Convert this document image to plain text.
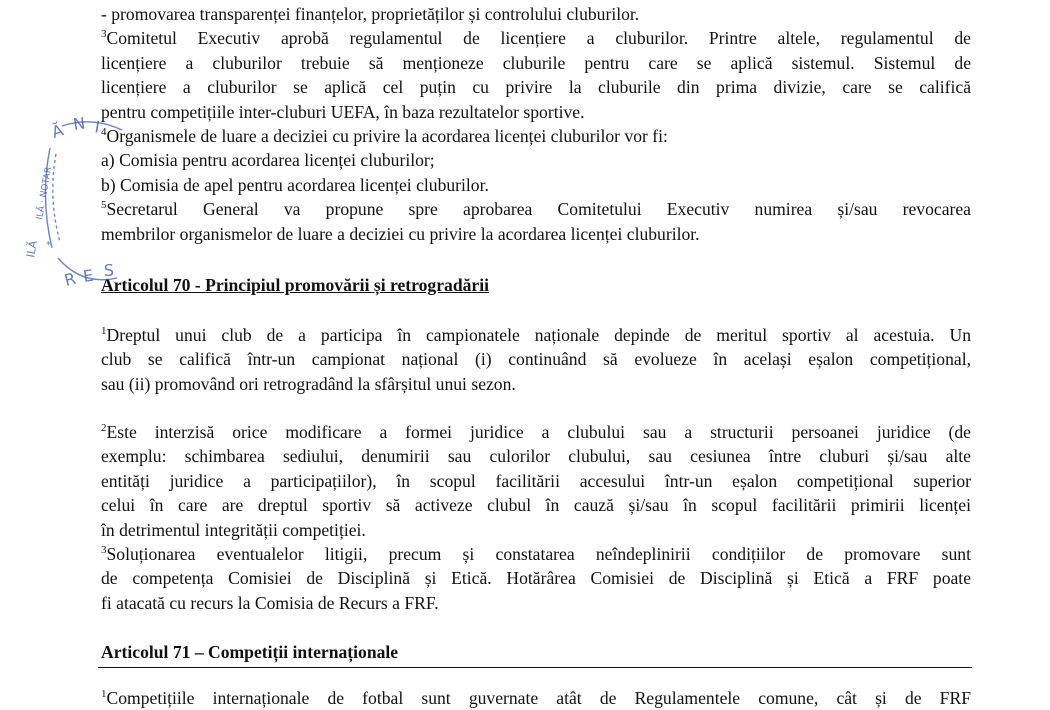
- promovarea transparenței finanțelor, proprietăților și controlului cluburilor.

$^3$Comitetul Executiv aprobă regulamentul de licențiere a cluburilor. Printre altele, regulamentul de

licențiere a cluburilor trebuie să menționeze cluburile pentru care se aplică sistemul. Sistemul de

licențiere a cluburilor se aplică cel puțin cu privire la cluburile din prima divizie, care se califică

pentru competițiile inter-cluburi UEFA, în baza rezultatelor sportive.

$^4$Organismele de luare a deciziei cu privire la acordarea licenței cluburilor vor fi:

a) Comisia pentru acordarea licenței cluburilor;

b) Comisia de apel pentru acordarea licenței cluburilor.

$^5$Secretarul General va propune spre aprobarea Comitetului Executiv numirea și/sau revocarea

membrilor organismelor de luare a deciziei cu privire la acordarea licenței cluburilor.

Articolul 70 - Principiul promovării și retrogradării

$^1$Dreptul unui club de a participa în campionatele naționale depinde de meritul sportiv al acestuia. Un

club se califică într-un campionat național (i) continuând să evolueze în același eșalon competițional,

sau (ii) promovând ori retrogradând la sfârșitul unui sezon.

$^2$Este interzisă orice modificare a formei juridice a clubului sau a structurii persoanei juridice (de

exemplu: schimbarea sediului, denumirii sau culorilor clubului, sau cesiunea între cluburi și/sau alte

entități juridice a participațiilor), în scopul facilitării accesului într-un eșalon competițional superior

celui în care are dreptul sportiv să activeze clubul în cauză și/sau în scopul facilitării primirii licenței

în detrimentul integrității competiției.

$^3$Soluționarea eventualelor litigii, precum și constatarea neîndeplinirii condițiilor de promovare sunt

de competența Comisiei de Disciplină și Etică. Hotărârea Comisiei de Disciplină și Etică a FRF poate

fi atacată cu recurs la Comisia de Recurs a FRF.

Articolul 71 – Competiții internaționale

$^1$Competițiile internaționale de fotbal sunt guvernate atât de Regulamentele comune, cât și de FRF

Ă N I
ILĂ · NOTAR
ILĂ
R E S
*
